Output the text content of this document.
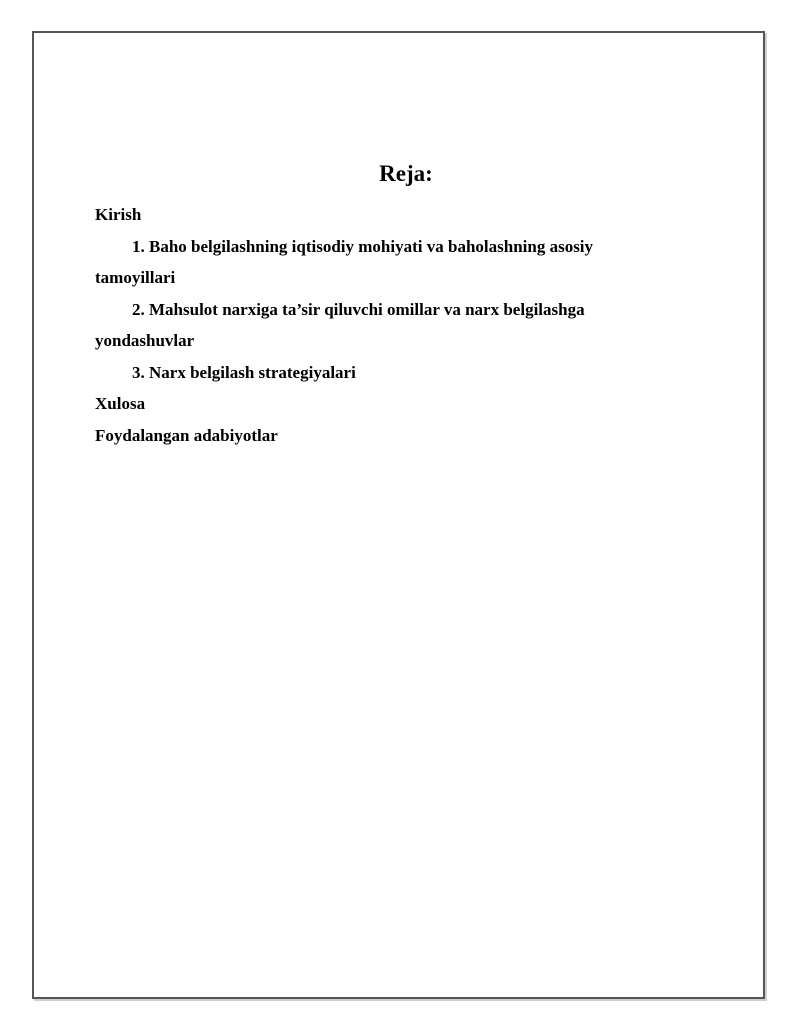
Reja:
Kirish
1. Baho belgilashning iqtisodiy mohiyati va baholashning asosiy
tamoyillari
2. Mahsulot narxiga ta’sir qiluvchi omillar va narx belgilashga
yondashuvlar
3. Narx belgilash strategiyalari
Xulosa
Foydalangan adabiyotlar
